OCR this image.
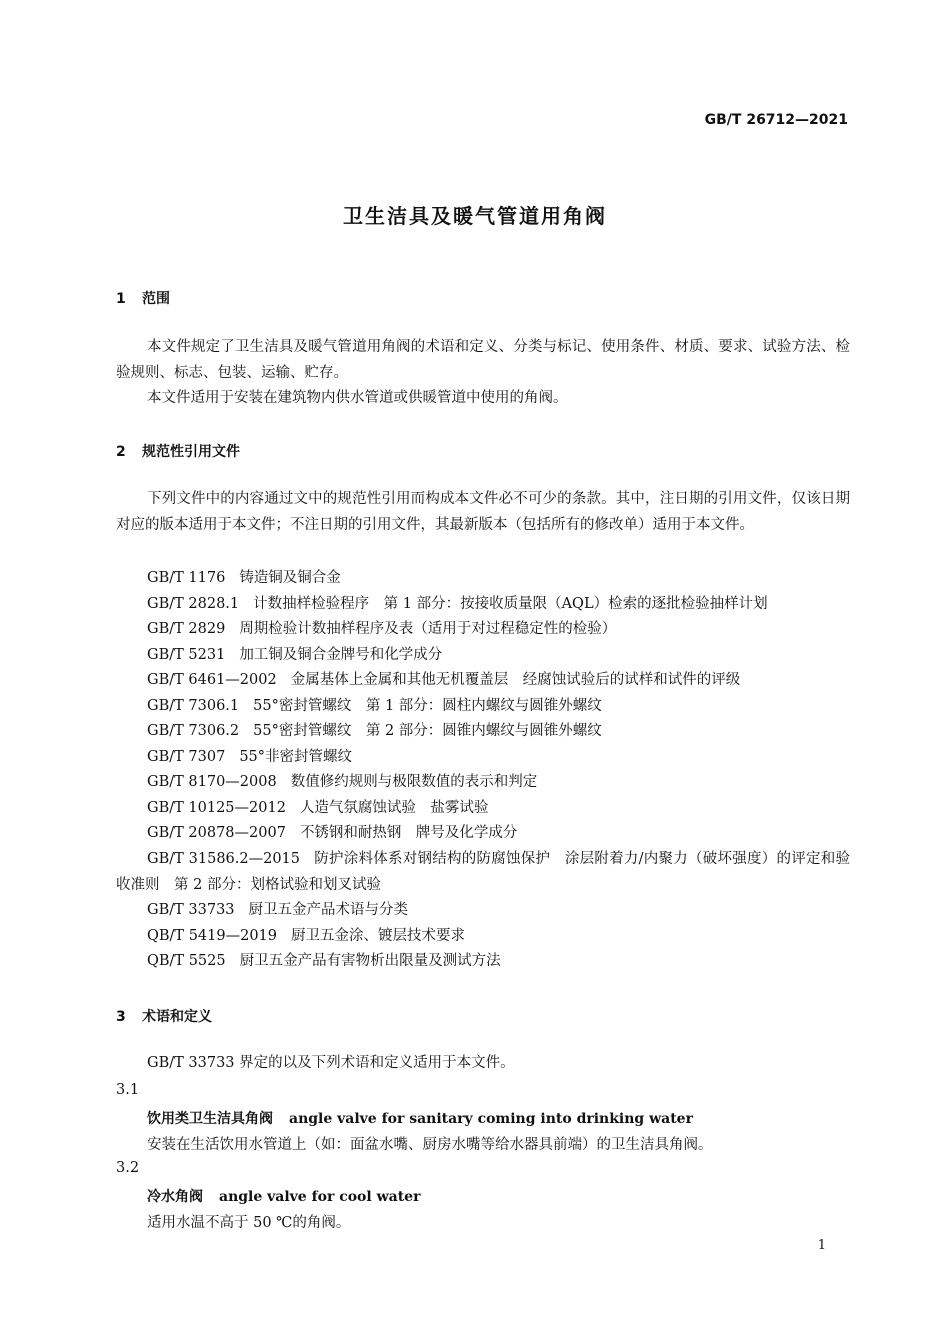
GB/T 26712—2021
卫生洁具及暖气管道用角阀
1 范围
本文件规定了卫生洁具及暖气管道用角阀的术语和定义、分类与标记、使用条件、材质、要求、试验方法、检验规则、标志、包装、运输、贮存。
本文件适用于安装在建筑物内供水管道或供暖管道中使用的角阀。
2 规范性引用文件
下列文件中的内容通过文中的规范性引用而构成本文件必不可少的条款。其中，注日期的引用文件，仅该日期对应的版本适用于本文件；不注日期的引用文件，其最新版本（包括所有的修改单）适用于本文件。
GB/T 1176 铸造铜及铜合金
GB/T 2828.1 计数抽样检验程序　第 1 部分：按接收质量限（AQL）检索的逐批检验抽样计划
GB/T 2829 周期检验计数抽样程序及表（适用于对过程稳定性的检验）
GB/T 5231 加工铜及铜合金牌号和化学成分
GB/T 6461—2002 金属基体上金属和其他无机覆盖层　经腐蚀试验后的试样和试件的评级
GB/T 7306.1 55°密封管螺纹　第 1 部分：圆柱内螺纹与圆锥外螺纹
GB/T 7306.2 55°密封管螺纹　第 2 部分：圆锥内螺纹与圆锥外螺纹
GB/T 7307 55°非密封管螺纹
GB/T 8170—2008 数值修约规则与极限数值的表示和判定
GB/T 10125—2012 人造气氛腐蚀试验　盐雾试验
GB/T 20878—2007 不锈钢和耐热钢　牌号及化学成分
GB/T 31586.2—2015 防护涂料体系对钢结构的防腐蚀保护　涂层附着力/内聚力（破坏强度）的评定和验收准则　第 2 部分：划格试验和划叉试验
GB/T 33733 厨卫五金产品术语与分类
QB/T 5419—2019 厨卫五金涂、镀层技术要求
QB/T 5525 厨卫五金产品有害物析出限量及测试方法
3 术语和定义
GB/T 33733 界定的以及下列术语和定义适用于本文件。
3.1
饮用类卫生洁具角阀 angle valve for sanitary coming into drinking water
安装在生活饮用水管道上（如：面盆水嘴、厨房水嘴等给水器具前端）的卫生洁具角阀。
3.2
冷水角阀 angle valve for cool water
适用水温不高于 50 ℃的角阀。
1
